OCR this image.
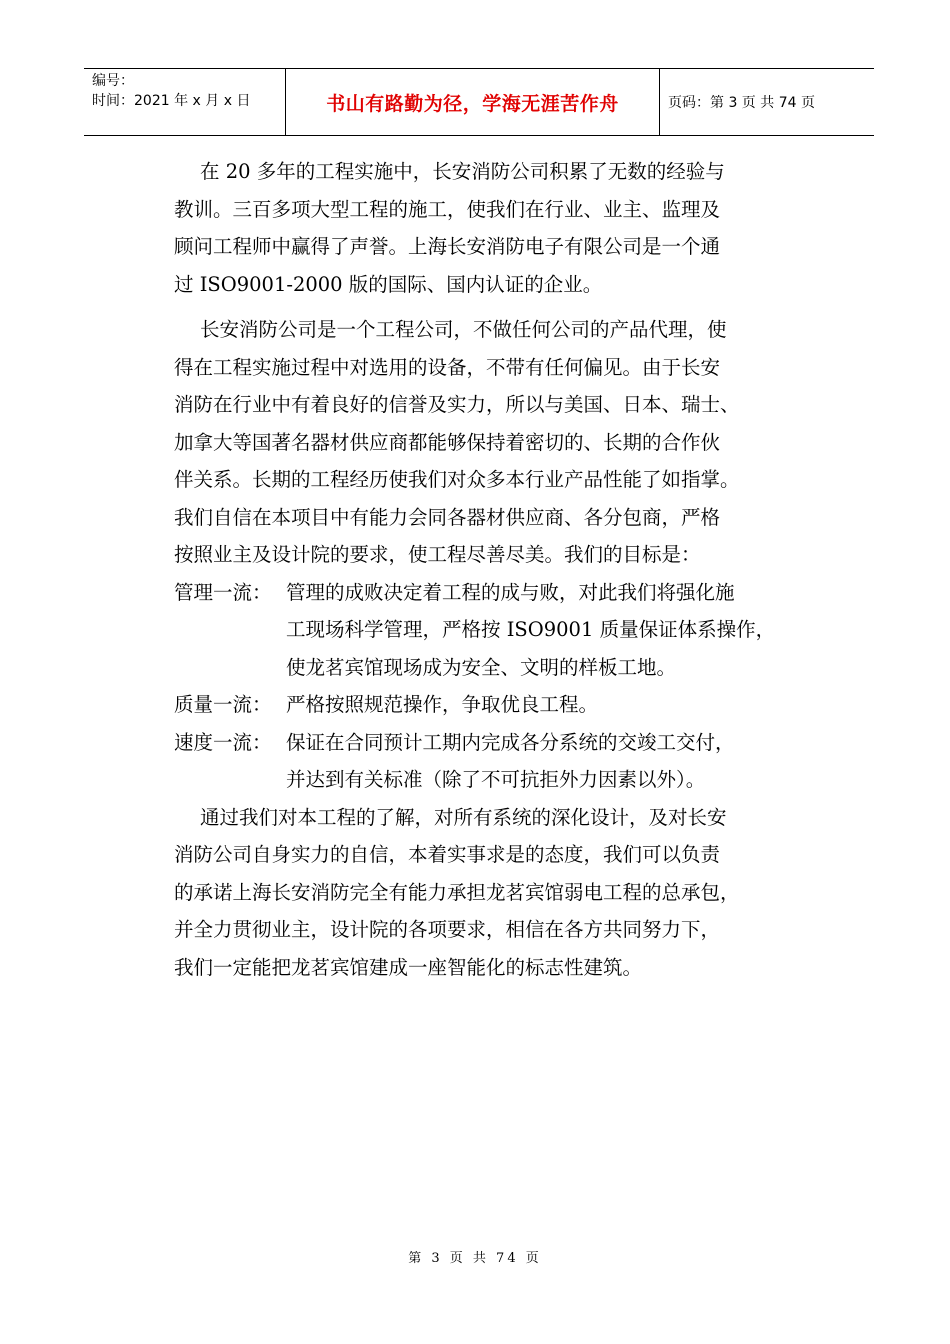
编号：
时间：2021 年 x 月 x 日	书山有路勤为径，学海无涯苦作舟	页码：第 3 页 共 74 页
在 20 多年的工程实施中，长安消防公司积累了无数的经验与
教训。三百多项大型工程的施工，使我们在行业、业主、监理及
顾问工程师中赢得了声誉。上海长安消防电子有限公司是一个通
过 ISO9001-2000 版的国际、国内认证的企业。
长安消防公司是一个工程公司，不做任何公司的产品代理，使
得在工程实施过程中对选用的设备，不带有任何偏见。由于长安
消防在行业中有着良好的信誉及实力，所以与美国、日本、瑞士、
加拿大等国著名器材供应商都能够保持着密切的、长期的合作伙
伴关系。长期的工程经历使我们对众多本行业产品性能了如指掌。
我们自信在本项目中有能力会同各器材供应商、各分包商，严格
按照业主及设计院的要求，使工程尽善尽美。我们的目标是：
管理一流： 管理的成败决定着工程的成与败，对此我们将强化施
工现场科学管理，严格按 ISO9001 质量保证体系操作，
使龙茗宾馆现场成为安全、文明的样板工地。
质量一流： 严格按照规范操作，争取优良工程。
速度一流： 保证在合同预计工期内完成各分系统的交竣工交付，
并达到有关标准（除了不可抗拒外力因素以外）。
通过我们对本工程的了解，对所有系统的深化设计，及对长安
消防公司自身实力的自信，本着实事求是的态度，我们可以负责
的承诺上海长安消防完全有能力承担龙茗宾馆弱电工程的总承包，
并全力贯彻业主，设计院的各项要求，相信在各方共同努力下，
我们一定能把龙茗宾馆建成一座智能化的标志性建筑。
第 3 页 共 74 页
